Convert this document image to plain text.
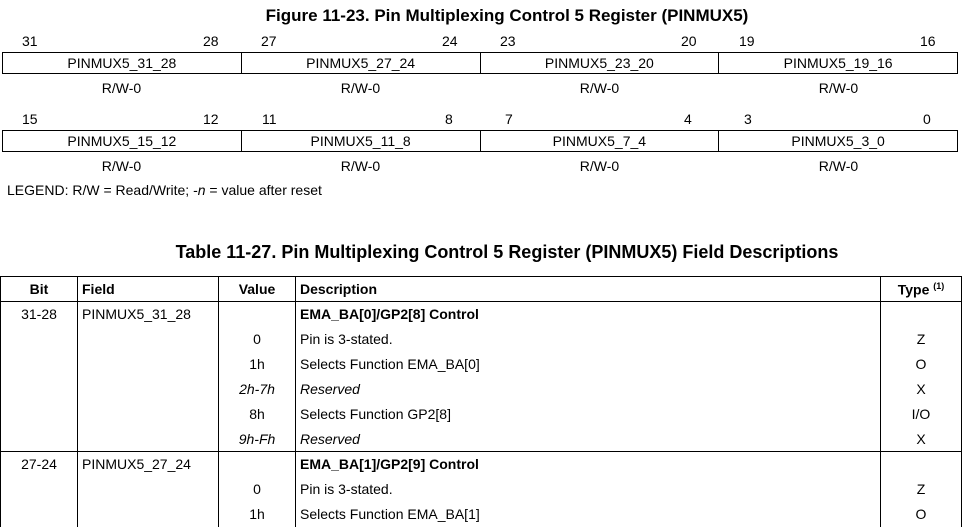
Figure 11-23. Pin Multiplexing Control 5 Register (PINMUX5)
31	28	27	24	23	20	19	16
PINMUX5_31_28	PINMUX5_27_24	PINMUX5_23_20	PINMUX5_19_16
R/W-0	R/W-0	R/W-0	R/W-0
15	12	11	8	7	4	3	0
PINMUX5_15_12	PINMUX5_11_8	PINMUX5_7_4	PINMUX5_3_0
R/W-0	R/W-0	R/W-0	R/W-0
LEGEND: R/W = Read/Write; -n = value after reset
Table 11-27. Pin Multiplexing Control 5 Register (PINMUX5) Field Descriptions
Bit	Field	Value	Description	Type $^{(1)}$
31-28	PINMUX5_31_28		EMA_BA[0]/GP2[8] Control	
		0	Pin is 3-stated.	Z
		1h	Selects Function EMA_BA[0]	O
		2h-7h	Reserved	X
		8h	Selects Function GP2[8]	I/O
		9h-Fh	Reserved	X
27-24	PINMUX5_27_24		EMA_BA[1]/GP2[9] Control	
		0	Pin is 3-stated.	Z
		1h	Selects Function EMA_BA[1]	O
